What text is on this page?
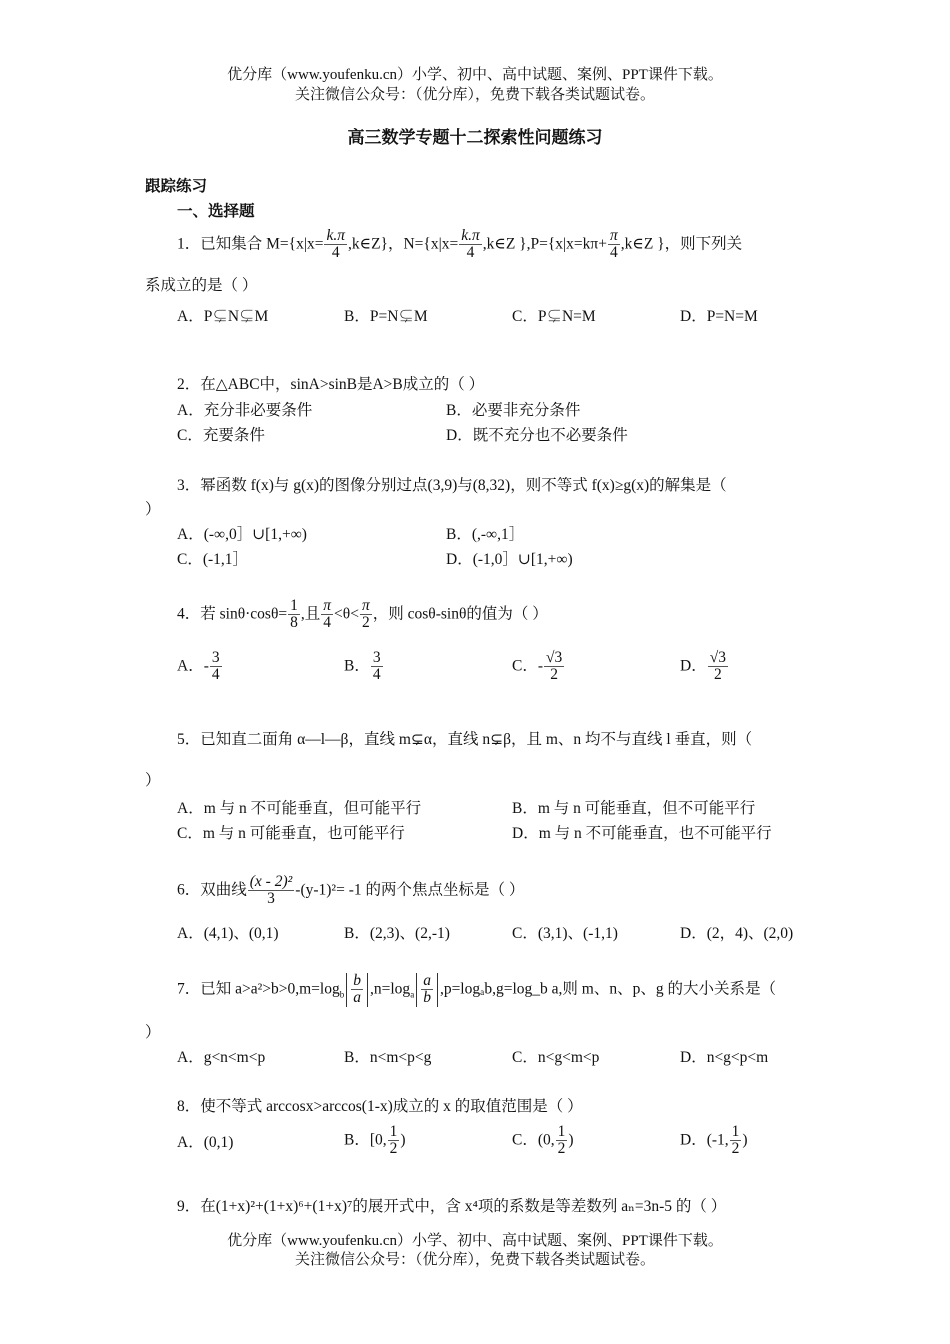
优分库（www.youfenku.cn）小学、初中、高中试题、案例、PPT课件下载。
关注微信公众号：（优分库），免费下载各类试题试卷。
高三数学专题十二探索性问题练习
跟踪练习
一、选择题
1．已知集合 $M=\{x|x= \frac{k.\pi}{4}$ ,k∈Z}，$N=\{x|x= \frac{k.\pi}{4}$ ,k∈Z }$,P=\{x|x=k\pi+ \frac{\pi}{4}$ ,k∈Z }，则下列关
系成立的是（ ）
A．P⊊N⊊M	B．P=N⊊M	C．P⊊N=M	D．P=N=M
2．在△ABC中，sinA>sinB是A>B成立的（ ）
A．充分非必要条件	B．必要非充分条件
C．充要条件	D．既不充分也不必要条件
3．幂函数 f(x)与 g(x)的图像分别过点(3,9)与(8,32)，则不等式 f(x)≥g(x)的解集是（
）
A．(-∞,0］∪[1,+∞)	B．(,-∞,1］
C．(-1,1］	D．(-1,0］∪[1,+∞)
4．若 $\sin\theta\cdot\cos\theta= \frac{1}{8}$ ,且 $\frac{\pi}{4} <\theta< \frac{\pi}{2}$ ，则 cosθ-sinθ的值为（ ）
A．- $\frac{3}{4}$	B． $\frac{3}{4}$	C．- $\frac{√3}{2}$	D． $\frac{√3}{2}$
5．已知直二面角 α—l—β，直线 m⊊α，直线 n⊊β，且 m、n 均不与直线 l 垂直，则（
）
A．m 与 n 不可能垂直，但可能平行	B．m 与 n 可能垂直，但不可能平行
C．m 与 n 可能垂直，也可能平行	D．m 与 n 不可能垂直，也不可能平行
6．双曲线 $\frac{\text{(x - 2)²}}{3} -(y-1)^2= -1$ 的两个焦点坐标是（ ）
A．(4,1)、(0,1)	B．(2,3)、(2,-1)	C．(3,1)、(-1,1)	D．(2，4)、(2,0)
7．已知 $a>a^2>b>0,m=\log_b \frac{b}{a} ,n=\log_a \frac{a}{b}$ ,p=logₐb,g=log_b a,则 m、n、p、g 的大小关系是（
）
A．g<n<m<p	B．n<m<p<g	C．n<g<m<p	D．n<g<p<m
8．使不等式 arccosx>arccos(1-x)成立的 x 的取值范围是（ ）
A．(0,1)	B．[0, $\frac{1}{2}$ )	C．(0, $\frac{1}{2}$ )	D．(-1, $\frac{1}{2}$ )
9．在(1+x)²+(1+x)⁶+(1+x)⁷的展开式中，含 x⁴项的系数是等差数列 aₙ=3n-5 的（ ）
优分库（www.youfenku.cn）小学、初中、高中试题、案例、PPT课件下载。
关注微信公众号：（优分库），免费下载各类试题试卷。
